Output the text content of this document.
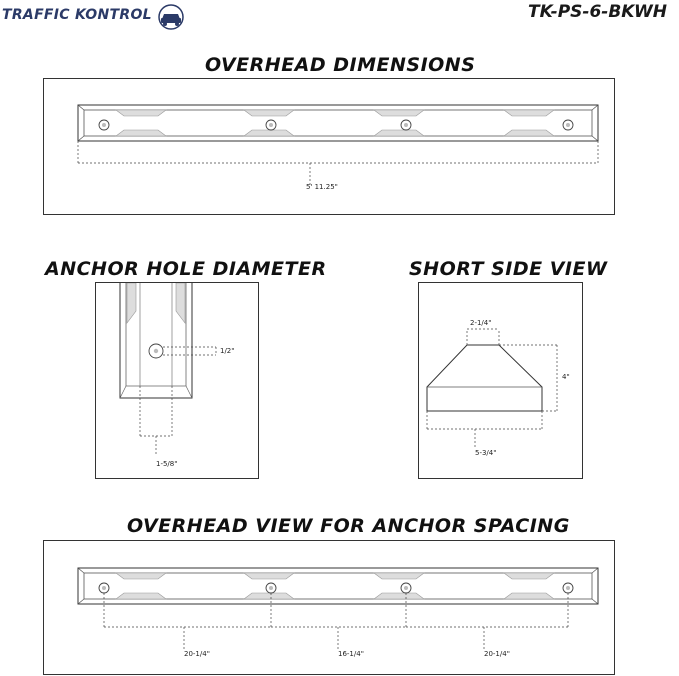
TRAFFIC KONTROL	TK-PS-6-BKWH
OVERHEAD DIMENSIONS
5' 11.25"
ANCHOR HOLE DIAMETER
1/2"
1-5/8"
SHORT SIDE VIEW
2-1/4"
4"
5-3/4"
OVERHEAD VIEW FOR ANCHOR SPACING
20-1/4"	16-1/4"	20-1/4"
